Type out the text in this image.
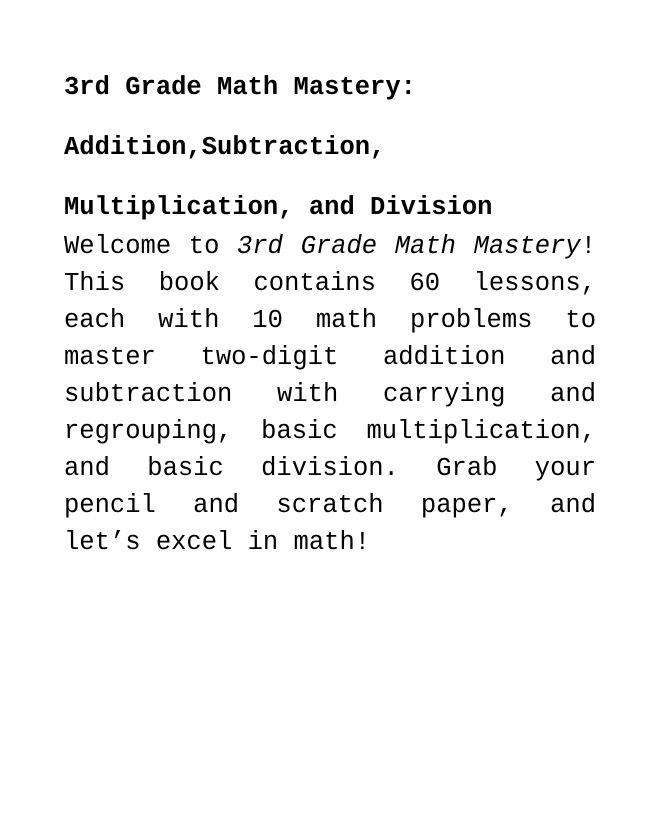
3rd Grade Math Mastery:
Addition,Subtraction,
Multiplication, and Division

Welcome to 3rd Grade Math Mastery! This book contains 60 lessons, each with 10 math problems to master two-digit addition and subtraction with carrying and regrouping, basic multiplication, and basic division. Grab your pencil and scratch paper, and let’s excel in math!
